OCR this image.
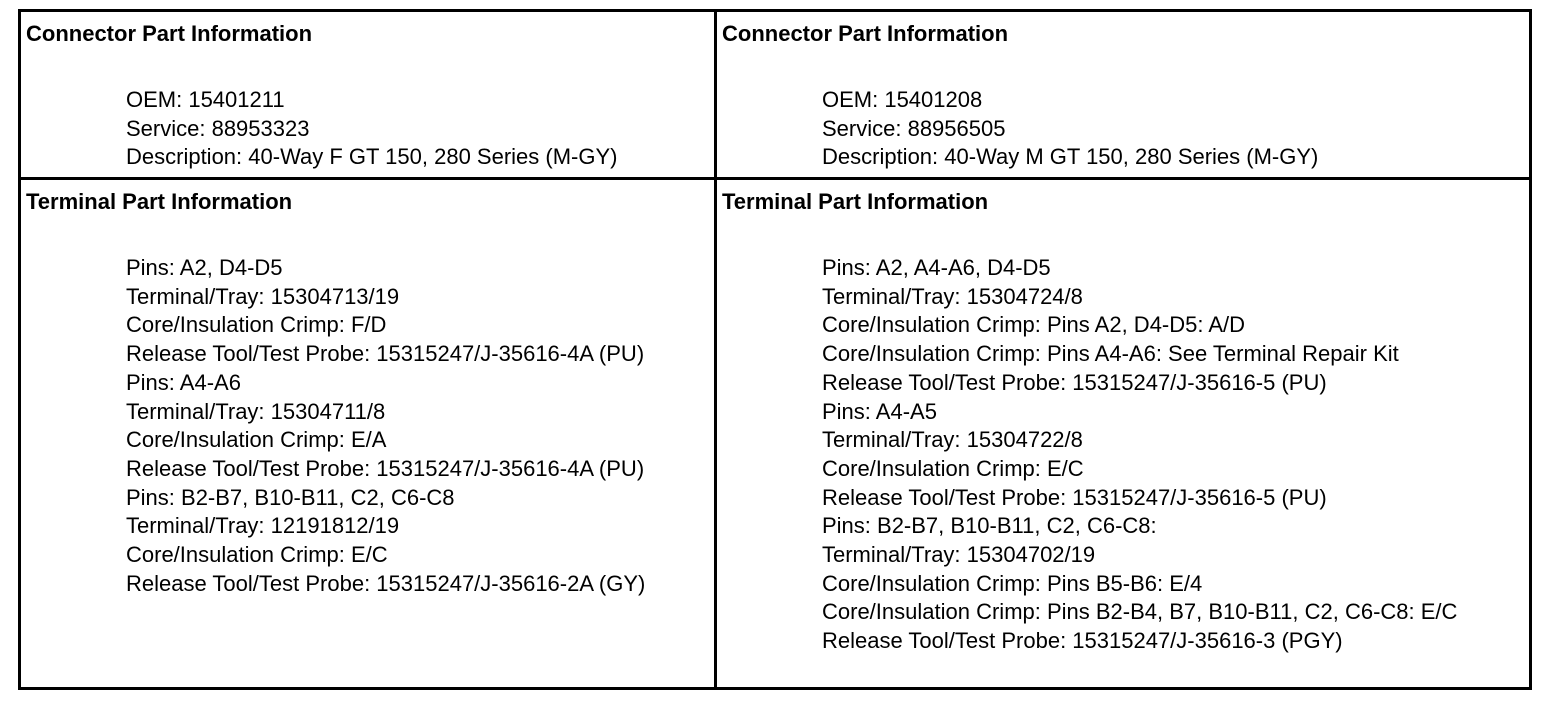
Connector Part Information
OEM: 15401211
Service: 88953323
Description: 40-Way F GT 150, 280 Series (M-GY)
Connector Part Information
OEM: 15401208
Service: 88956505
Description: 40-Way M GT 150, 280 Series (M-GY)
Terminal Part Information
Pins: A2, D4-D5
Terminal/Tray: 15304713/19
Core/Insulation Crimp: F/D
Release Tool/Test Probe: 15315247/J-35616-4A (PU)
Pins: A4-A6
Terminal/Tray: 15304711/8
Core/Insulation Crimp: E/A
Release Tool/Test Probe: 15315247/J-35616-4A (PU)
Pins: B2-B7, B10-B11, C2, C6-C8
Terminal/Tray: 12191812/19
Core/Insulation Crimp: E/C
Release Tool/Test Probe: 15315247/J-35616-2A (GY)
Terminal Part Information
Pins: A2, A4-A6, D4-D5
Terminal/Tray: 15304724/8
Core/Insulation Crimp: Pins A2, D4-D5: A/D
Core/Insulation Crimp: Pins A4-A6: See Terminal Repair Kit
Release Tool/Test Probe: 15315247/J-35616-5 (PU)
Pins: A4-A5
Terminal/Tray: 15304722/8
Core/Insulation Crimp: E/C
Release Tool/Test Probe: 15315247/J-35616-5 (PU)
Pins: B2-B7, B10-B11, C2, C6-C8:
Terminal/Tray: 15304702/19
Core/Insulation Crimp: Pins B5-B6: E/4
Core/Insulation Crimp: Pins B2-B4, B7, B10-B11, C2, C6-C8: E/C
Release Tool/Test Probe: 15315247/J-35616-3 (PGY)
